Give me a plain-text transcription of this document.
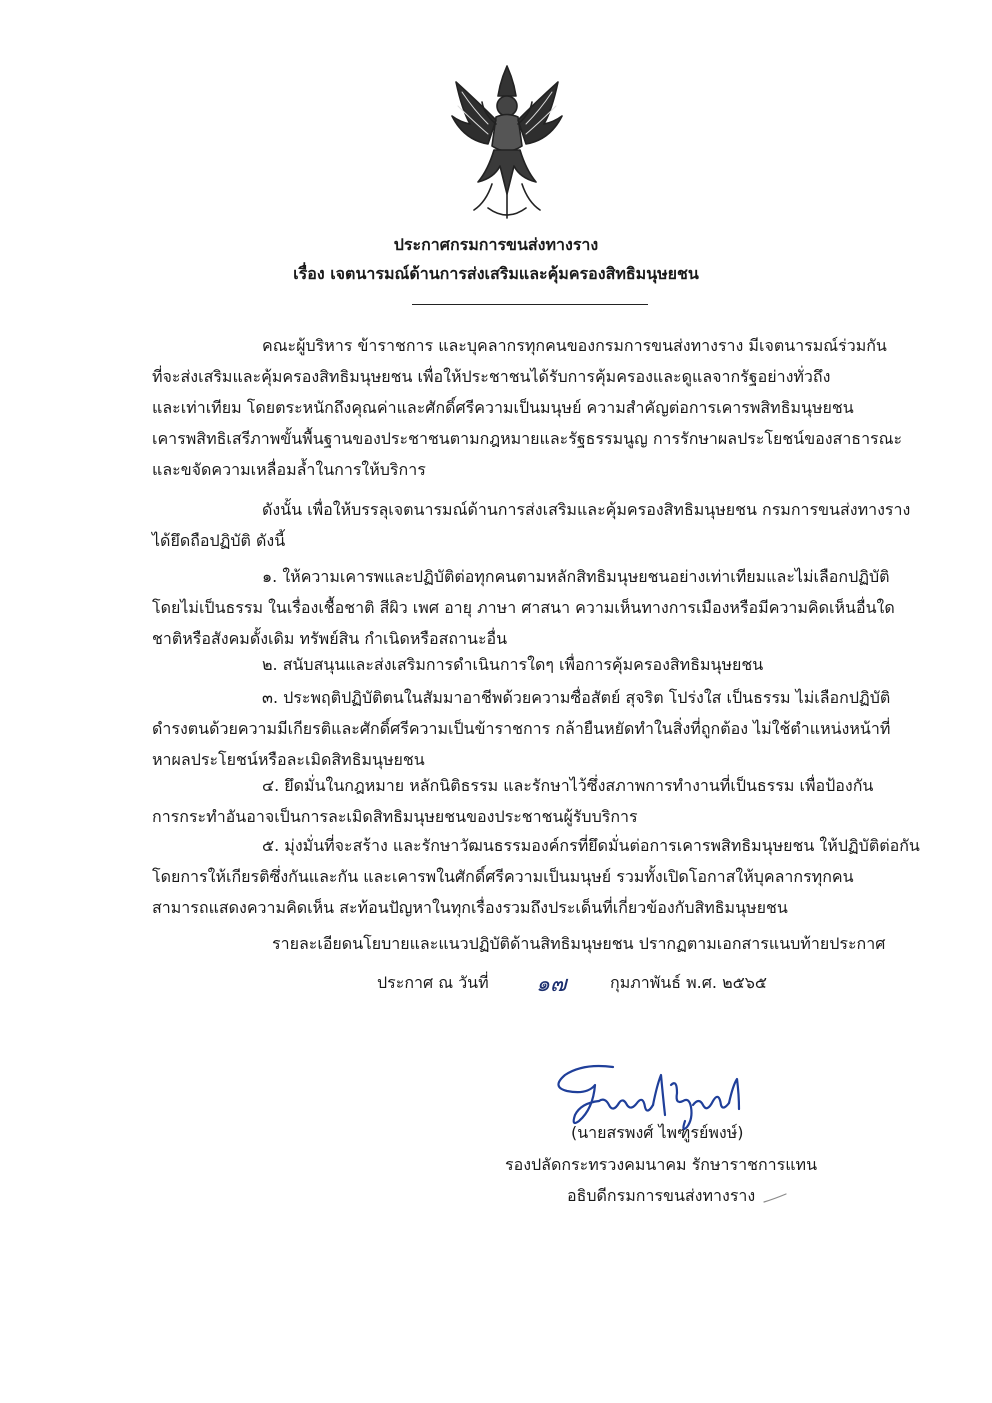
ประกาศกรมการขนส่งทางราง
เรื่อง เจตนารมณ์ด้านการส่งเสริมและคุ้มครองสิทธิมนุษยชน
คณะผู้บริหาร ข้าราชการ และบุคลากรทุกคนของกรมการขนส่งทางราง มีเจตนารมณ์ร่วมกัน
ที่จะส่งเสริมและคุ้มครองสิทธิมนุษยชน เพื่อให้ประชาชนได้รับการคุ้มครองและดูแลจากรัฐอย่างทั่วถึง
และเท่าเทียม โดยตระหนักถึงคุณค่าและศักดิ์ศรีความเป็นมนุษย์ ความสำคัญต่อการเคารพสิทธิมนุษยชน
เคารพสิทธิเสรีภาพขั้นพื้นฐานของประชาชนตามกฎหมายและรัฐธรรมนูญ การรักษาผลประโยชน์ของสาธารณะ
และขจัดความเหลื่อมล้ำในการให้บริการ
ดังนั้น เพื่อให้บรรลุเจตนารมณ์ด้านการส่งเสริมและคุ้มครองสิทธิมนุษยชน กรมการขนส่งทางราง
ได้ยึดถือปฏิบัติ ดังนี้
๑. ให้ความเคารพและปฏิบัติต่อทุกคนตามหลักสิทธิมนุษยชนอย่างเท่าเทียมและไม่เลือกปฏิบัติ
โดยไม่เป็นธรรม ในเรื่องเชื้อชาติ สีผิว เพศ อายุ ภาษา ศาสนา ความเห็นทางการเมืองหรือมีความคิดเห็นอื่นใด
ชาติหรือสังคมดั้งเดิม ทรัพย์สิน กำเนิดหรือสถานะอื่น
๒. สนับสนุนและส่งเสริมการดำเนินการใดๆ เพื่อการคุ้มครองสิทธิมนุษยชน
๓. ประพฤติปฏิบัติตนในสัมมาอาชีพด้วยความซื่อสัตย์ สุจริต โปร่งใส เป็นธรรม ไม่เลือกปฏิบัติ
ดำรงตนด้วยความมีเกียรติและศักดิ์ศรีความเป็นข้าราชการ กล้ายืนหยัดทำในสิ่งที่ถูกต้อง ไม่ใช้ตำแหน่งหน้าที่
หาผลประโยชน์หรือละเมิดสิทธิมนุษยชน
๔. ยึดมั่นในกฎหมาย หลักนิติธรรม และรักษาไว้ซึ่งสภาพการทำงานที่เป็นธรรม เพื่อป้องกัน
การกระทำอันอาจเป็นการละเมิดสิทธิมนุษยชนของประชาชนผู้รับบริการ
๕. มุ่งมั่นที่จะสร้าง และรักษาวัฒนธรรมองค์กรที่ยึดมั่นต่อการเคารพสิทธิมนุษยชน ให้ปฏิบัติต่อกัน
โดยการให้เกียรติซึ่งกันและกัน และเคารพในศักดิ์ศรีความเป็นมนุษย์ รวมทั้งเปิดโอกาสให้บุคลากรทุกคน
สามารถแสดงความคิดเห็น สะท้อนปัญหาในทุกเรื่องรวมถึงประเด็นที่เกี่ยวข้องกับสิทธิมนุษยชน
รายละเอียดนโยบายและแนวปฏิบัติด้านสิทธิมนุษยชน ปรากฏตามเอกสารแนบท้ายประกาศ
ประกาศ ณ วันที่ ๑๗	กุมภาพันธ์ พ.ศ. ๒๕๖๕
(นายสรพงศ์ ไพฑูรย์พงษ์)
รองปลัดกระทรวงคมนาคม รักษาราชการแทน
อธิบดีกรมการขนส่งทางราง
